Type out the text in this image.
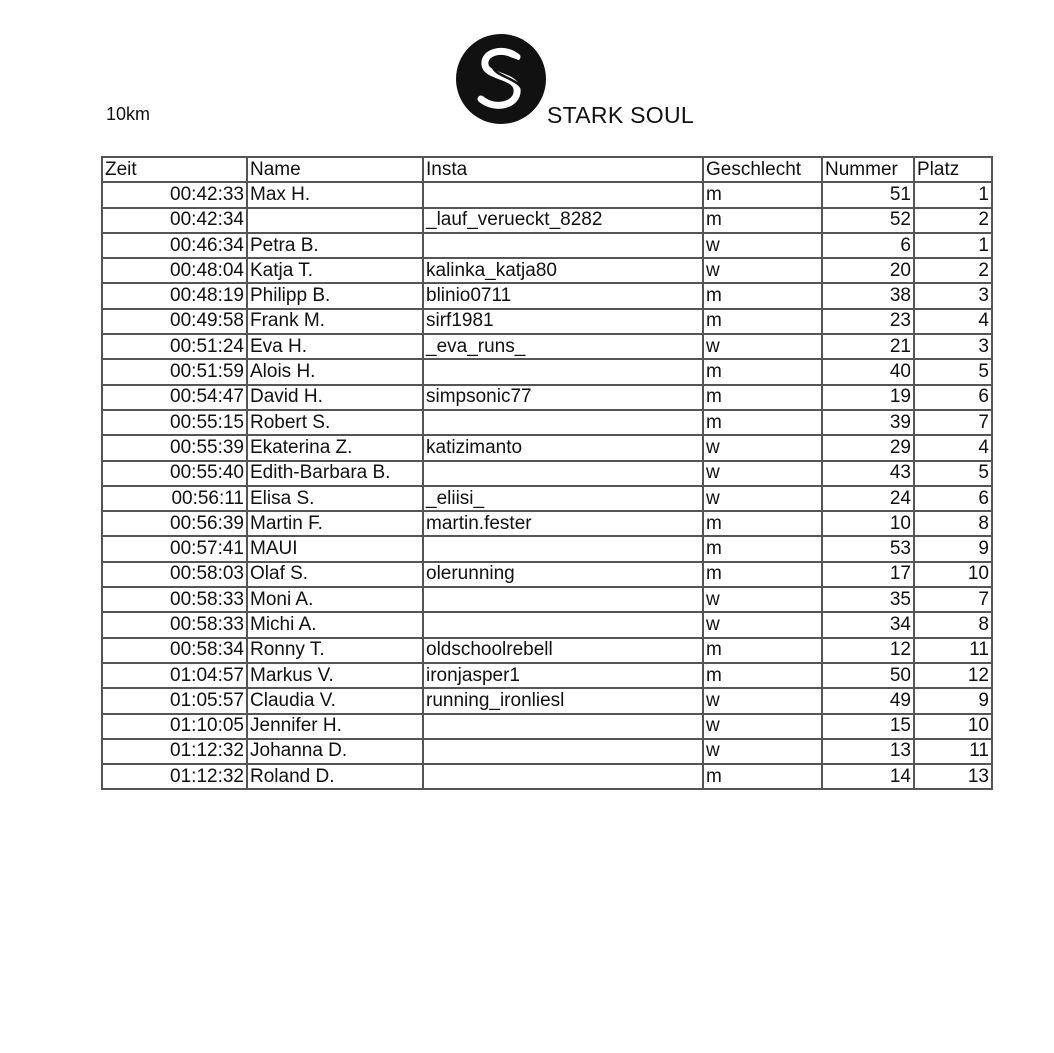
10km	STARK SOUL
Zeit	Name	Insta	Geschlecht	Nummer	Platz
00:42:33	Max H.		m	51	1
00:42:34		_lauf_verueckt_8282	m	52	2
00:46:34	Petra B.		w	6	1
00:48:04	Katja T.	kalinka_katja80	w	20	2
00:48:19	Philipp B.	blinio0711	m	38	3
00:49:58	Frank M.	sirf1981	m	23	4
00:51:24	Eva H.	_eva_runs_	w	21	3
00:51:59	Alois H.		m	40	5
00:54:47	David H.	simpsonic77	m	19	6
00:55:15	Robert S.		m	39	7
00:55:39	Ekaterina Z.	katizimanto	w	29	4
00:55:40	Edith-Barbara B.		w	43	5
00:56:11	Elisa S.	_eliisi_	w	24	6
00:56:39	Martin F.	martin.fester	m	10	8
00:57:41	MAUI		m	53	9
00:58:03	Olaf S.	olerunning	m	17	10
00:58:33	Moni A.		w	35	7
00:58:33	Michi A.		w	34	8
00:58:34	Ronny T.	oldschoolrebell	m	12	11
01:04:57	Markus V.	ironjasper1	m	50	12
01:05:57	Claudia V.	running_ironliesl	w	49	9
01:10:05	Jennifer H.		w	15	10
01:12:32	Johanna D.		w	13	11
01:12:32	Roland D.		m	14	13
